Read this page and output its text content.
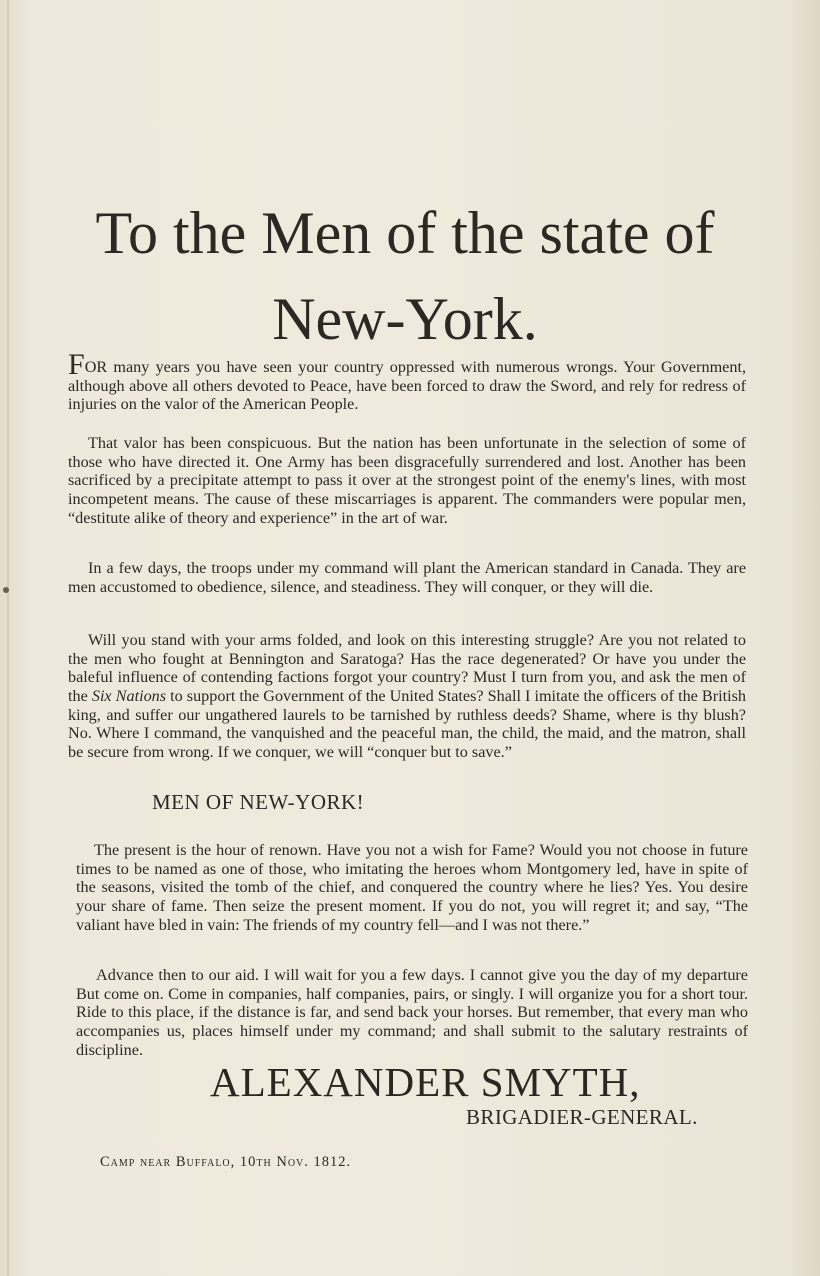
To the Men of the state of New-York.

FOR many years you have seen your country oppressed with numerous wrongs. Your Government, although above all others devoted to Peace, have been forced to draw the Sword, and rely for redress of injuries on the valor of the American People.

That valor has been conspicuous. But the nation has been unfortunate in the selection of some of those who have directed it. One Army has been disgracefully surrendered and lost. Another has been sacrificed by a precipitate attempt to pass it over at the strongest point of the enemy's lines, with most incompetent means. The cause of these miscarriages is apparent. The commanders were popular men, “destitute alike of theory and experience” in the art of war.

In a few days, the troops under my command will plant the American standard in Canada. They are men accustomed to obedience, silence, and steadiness. They will conquer, or they will die.

Will you stand with your arms folded, and look on this interesting struggle? Are you not related to the men who fought at Bennington and Saratoga? Has the race degenerated? Or have you under the baleful influence of contending factions forgot your country? Must I turn from you, and ask the men of the Six Nations to support the Government of the United States? Shall I imitate the officers of the British king, and suffer our ungathered laurels to be tarnished by ruthless deeds? Shame, where is thy blush? No. Where I command, the vanquished and the peaceful man, the child, the maid, and the matron, shall be secure from wrong. If we conquer, we will “conquer but to save.”

MEN OF NEW-YORK!

The present is the hour of renown. Have you not a wish for Fame? Would you not choose in future times to be named as one of those, who imitating the heroes whom Montgomery led, have in spite of the seasons, visited the tomb of the chief, and conquered the country where he lies? Yes. You desire your share of fame. Then seize the present moment. If you do not, you will regret it; and say, “The valiant have bled in vain: The friends of my country fell—and I was not there.”

Advance then to our aid. I will wait for you a few days. I cannot give you the day of my departure But come on. Come in companies, half companies, pairs, or singly. I will organize you for a short tour. Ride to this place, if the distance is far, and send back your horses. But remember, that every man who accompanies us, places himself under my command; and shall submit to the salutary restraints of discipline.

ALEXANDER SMYTH,
BRIGADIER-GENERAL.
Camp near Buffalo, 10th Nov. 1812.
